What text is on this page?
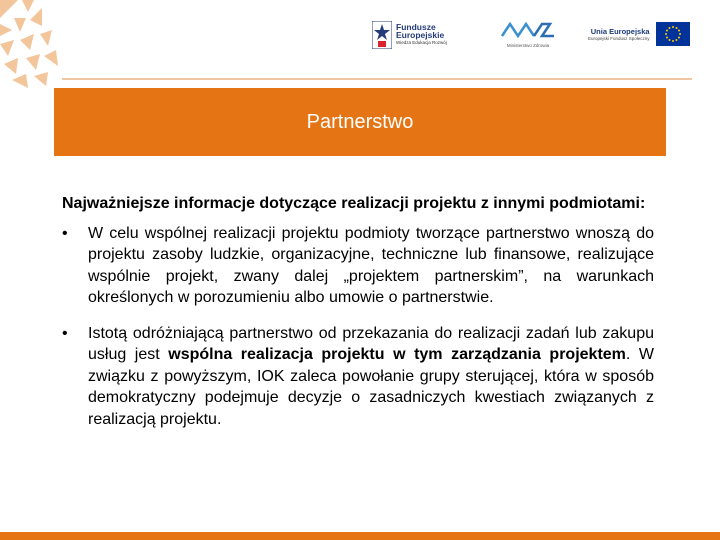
Fundusze
Europejskie
Wiedza Edukacja Rozwój
Ministerstwo Zdrowia
Unia Europejska
Europejski Fundusz Społeczny
Partnerstwo

Najważniejsze informacje dotyczące realizacji projektu z innymi podmiotami:

• W celu wspólnej realizacji projektu podmioty tworzące partnerstwo wnoszą do projektu zasoby ludzkie, organizacyjne, techniczne lub finansowe, realizujące wspólnie projekt, zwany dalej „projektem partnerskim”, na warunkach określonych w porozumieniu albo umowie o partnerstwie.

• Istotą odróżniającą partnerstwo od przekazania do realizacji zadań lub zakupu usług jest wspólna realizacja projektu w tym zarządzania projektem. W związku z powyższym, IOK zaleca powołanie grupy sterującej, która w sposób demokratyczny podejmuje decyzje o zasadniczych kwestiach związanych z realizacją projektu.
